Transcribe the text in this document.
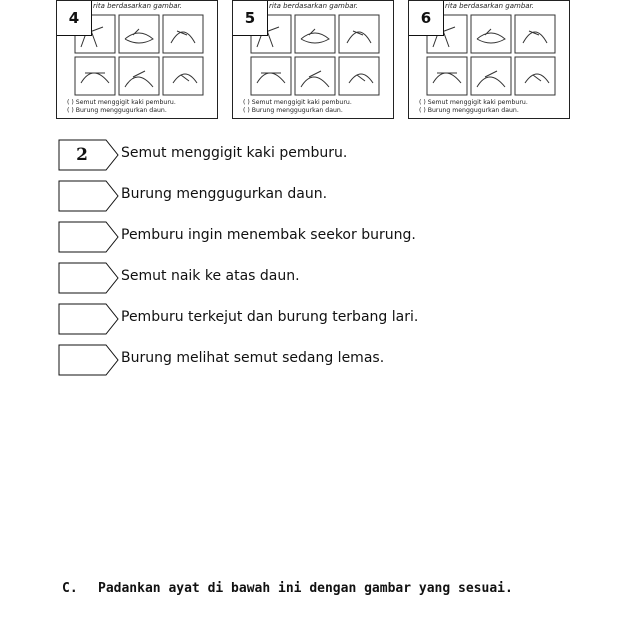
rita berdasarkan gambar.
( ) Semut menggigit kaki pemburu.
( ) Burung menggugurkan daun.
4
rita berdasarkan gambar.
( ) Semut menggigit kaki pemburu.
( ) Burung menggugurkan daun.
5
rita berdasarkan gambar.
( ) Semut menggigit kaki pemburu.
( ) Burung menggugurkan daun.
6
2	Semut menggigit kaki pemburu.
Burung menggugurkan daun.
Pemburu ingin menembak seekor burung.
Semut naik ke atas daun.
Pemburu terkejut dan burung terbang lari.
Burung melihat semut sedang lemas.
C. Padankan ayat di bawah ini dengan gambar yang sesuai.
